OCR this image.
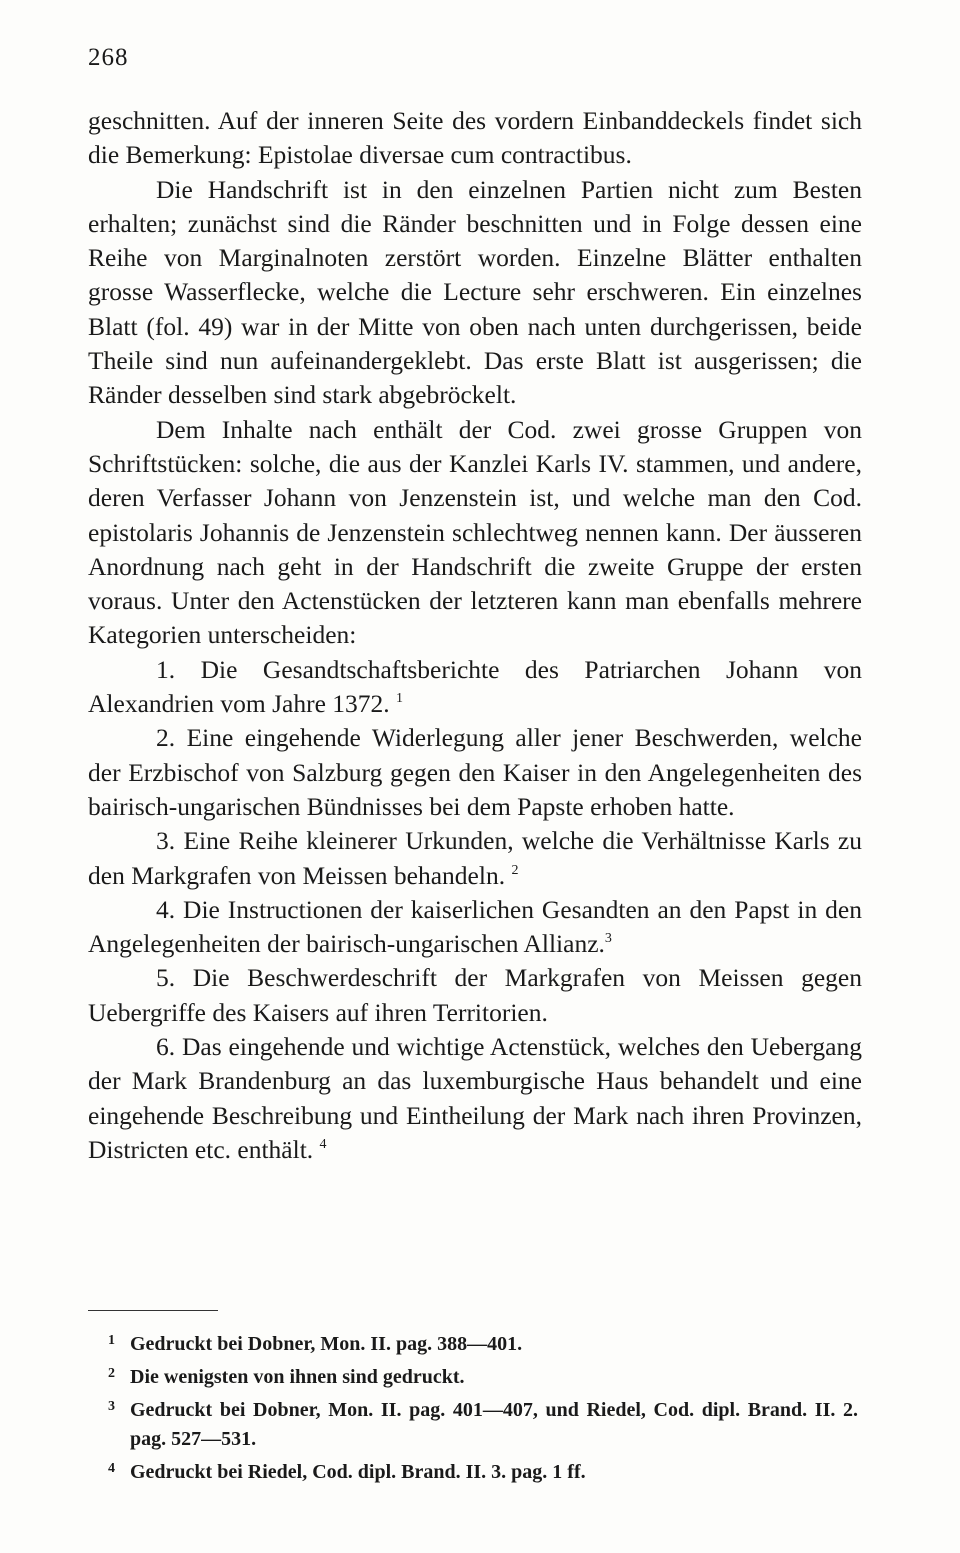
268

geschnitten. Auf der inneren Seite des vordern Einbanddeckels findet sich die Bemerkung: Epistolae diversae cum contractibus.

Die Handschrift ist in den einzelnen Partien nicht zum Besten erhalten; zunächst sind die Ränder beschnitten und in Folge dessen eine Reihe von Marginalnoten zerstört worden. Einzelne Blätter enthalten grosse Wasserflecke, welche die Lecture sehr erschweren. Ein einzelnes Blatt (fol. 49) war in der Mitte von oben nach unten durchgerissen, beide Theile sind nun aufeinandergeklebt. Das erste Blatt ist ausgerissen; die Ränder desselben sind stark abgebröckelt.

Dem Inhalte nach enthält der Cod. zwei grosse Gruppen von Schriftstücken: solche, die aus der Kanzlei Karls IV. stammen, und andere, deren Verfasser Johann von Jenzenstein ist, und welche man den Cod. epistolaris Johannis de Jenzenstein schlechtweg nennen kann. Der äusseren Anordnung nach geht in der Handschrift die zweite Gruppe der ersten voraus. Unter den Actenstücken der letzteren kann man ebenfalls mehrere Kategorien unterscheiden:

1. Die Gesandtschaftsberichte des Patriarchen Johann von Alexandrien vom Jahre 1372. $^1$

2. Eine eingehende Widerlegung aller jener Beschwerden, welche der Erzbischof von Salzburg gegen den Kaiser in den Angelegenheiten des bairisch-ungarischen Bündnisses bei dem Papste erhoben hatte.

3. Eine Reihe kleinerer Urkunden, welche die Verhältnisse Karls zu den Markgrafen von Meissen behandeln. $^2$

4. Die Instructionen der kaiserlichen Gesandten an den Papst in den Angelegenheiten der bairisch-ungarischen Allianz.$^3$

5. Die Beschwerdeschrift der Markgrafen von Meissen gegen Uebergriffe des Kaisers auf ihren Territorien.

6. Das eingehende und wichtige Actenstück, welches den Uebergang der Mark Brandenburg an das luxemburgische Haus behandelt und eine eingehende Beschreibung und Eintheilung der Mark nach ihren Provinzen, Districten etc. enthält. $^4$

1 Gedruckt bei Dobner, Mon. II. pag. 388—401.

2 Die wenigsten von ihnen sind gedruckt.

3 Gedruckt bei Dobner, Mon. II. pag. 401—407, und Riedel, Cod. dipl. Brand. II. 2. pag. 527—531.

4 Gedruckt bei Riedel, Cod. dipl. Brand. II. 3. pag. 1 ff.
